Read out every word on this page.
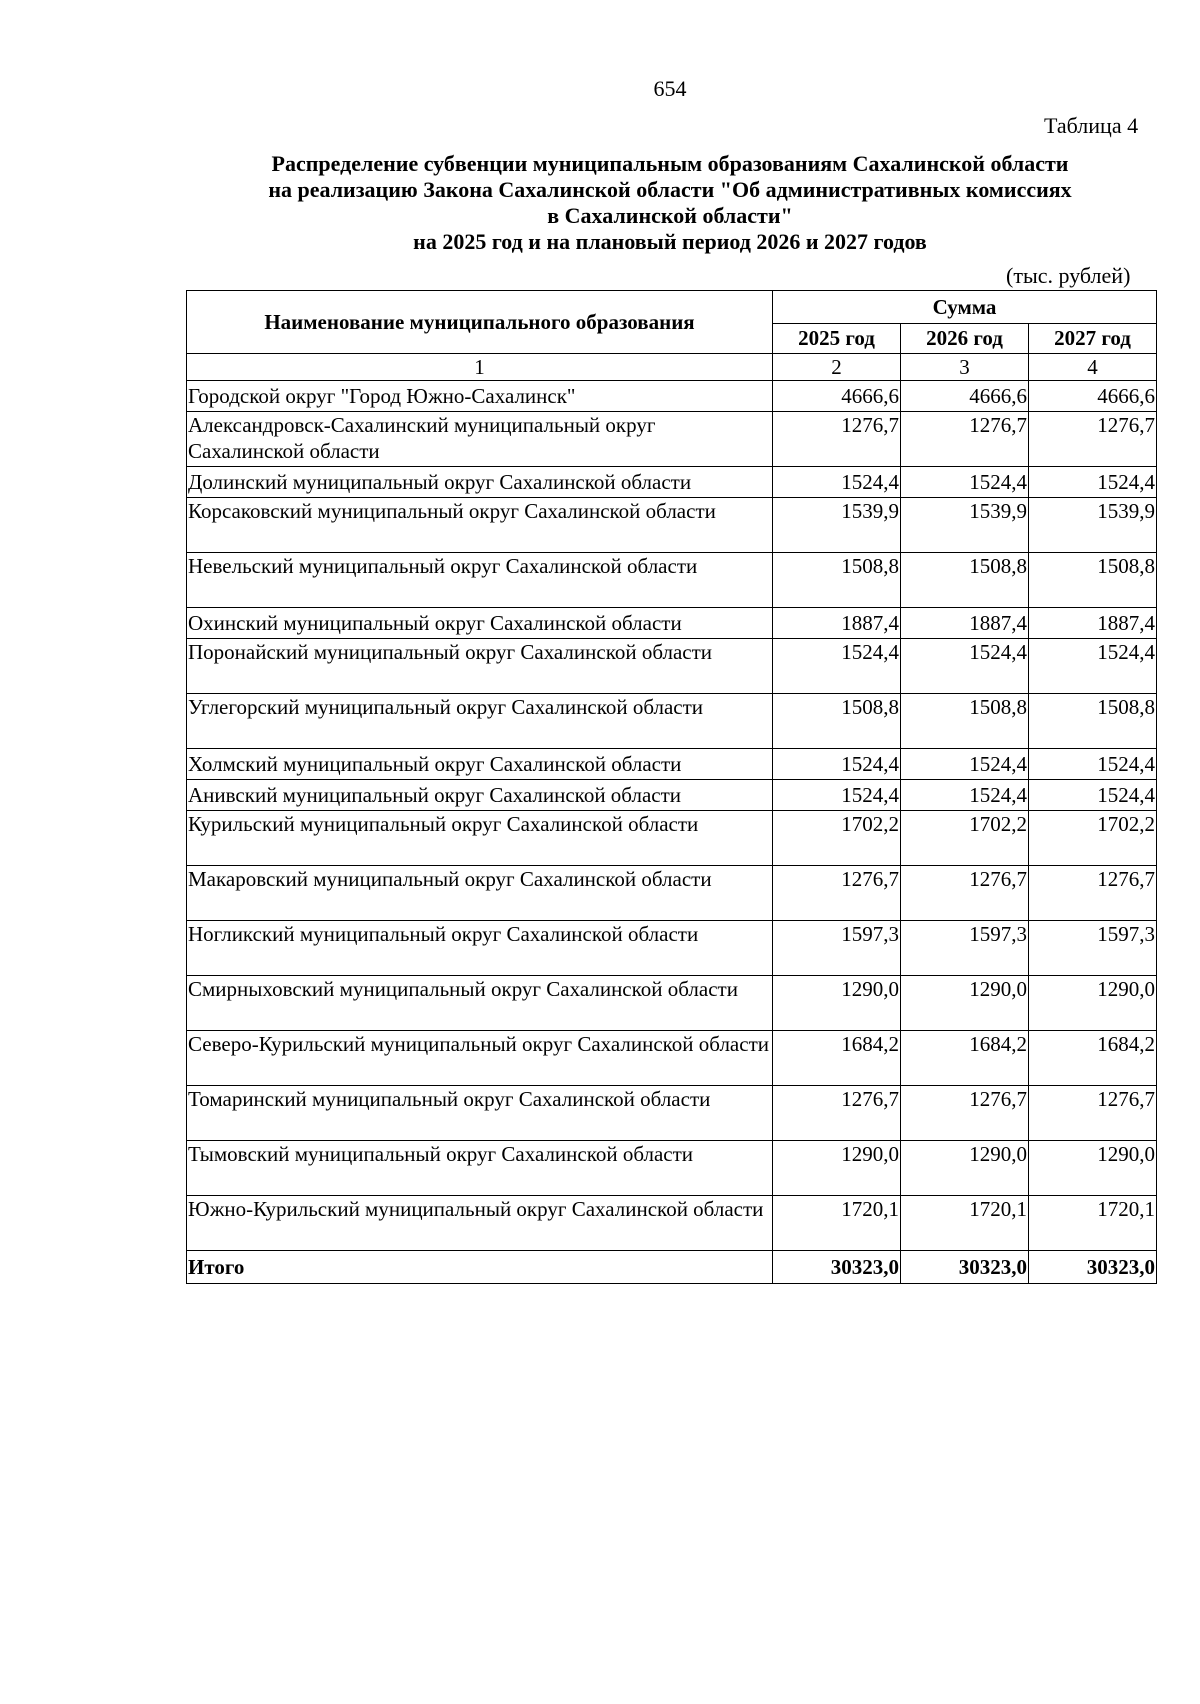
654
Таблица 4
Распределение субвенции муниципальным образованиям Сахалинской области
на реализацию Закона Сахалинской области "Об административных комиссиях
в Сахалинской области"
на 2025 год и на плановый период 2026 и 2027 годов
(тыс. рублей)
Наименование муниципального образования	Сумма		
	2025 год	2026 год	2027 год
1	2	3	4
Городской округ "Город Южно-Сахалинск"	4666,6	4666,6	4666,6
Александровск-Сахалинский муниципальный округ Сахалинской области	1276,7	1276,7	1276,7
Долинский муниципальный округ Сахалинской области	1524,4	1524,4	1524,4
Корсаковский муниципальный округ Сахалинской области	1539,9	1539,9	1539,9
Невельский муниципальный округ Сахалинской области	1508,8	1508,8	1508,8
Охинский муниципальный округ Сахалинской области	1887,4	1887,4	1887,4
Поронайский муниципальный округ Сахалинской области	1524,4	1524,4	1524,4
Углегорский муниципальный округ Сахалинской области	1508,8	1508,8	1508,8
Холмский муниципальный округ Сахалинской области	1524,4	1524,4	1524,4
Анивский муниципальный округ Сахалинской области	1524,4	1524,4	1524,4
Курильский муниципальный округ Сахалинской области	1702,2	1702,2	1702,2
Макаровский муниципальный округ Сахалинской области	1276,7	1276,7	1276,7
Ногликский муниципальный округ Сахалинской области	1597,3	1597,3	1597,3
Смирныховский муниципальный округ Сахалинской области	1290,0	1290,0	1290,0
Северо-Курильский муниципальный округ Сахалинской области	1684,2	1684,2	1684,2
Томаринский муниципальный округ Сахалинской области	1276,7	1276,7	1276,7
Тымовский муниципальный округ Сахалинской области	1290,0	1290,0	1290,0
Южно-Курильский муниципальный округ Сахалинской области	1720,1	1720,1	1720,1
Итого	30323,0	30323,0	30323,0
